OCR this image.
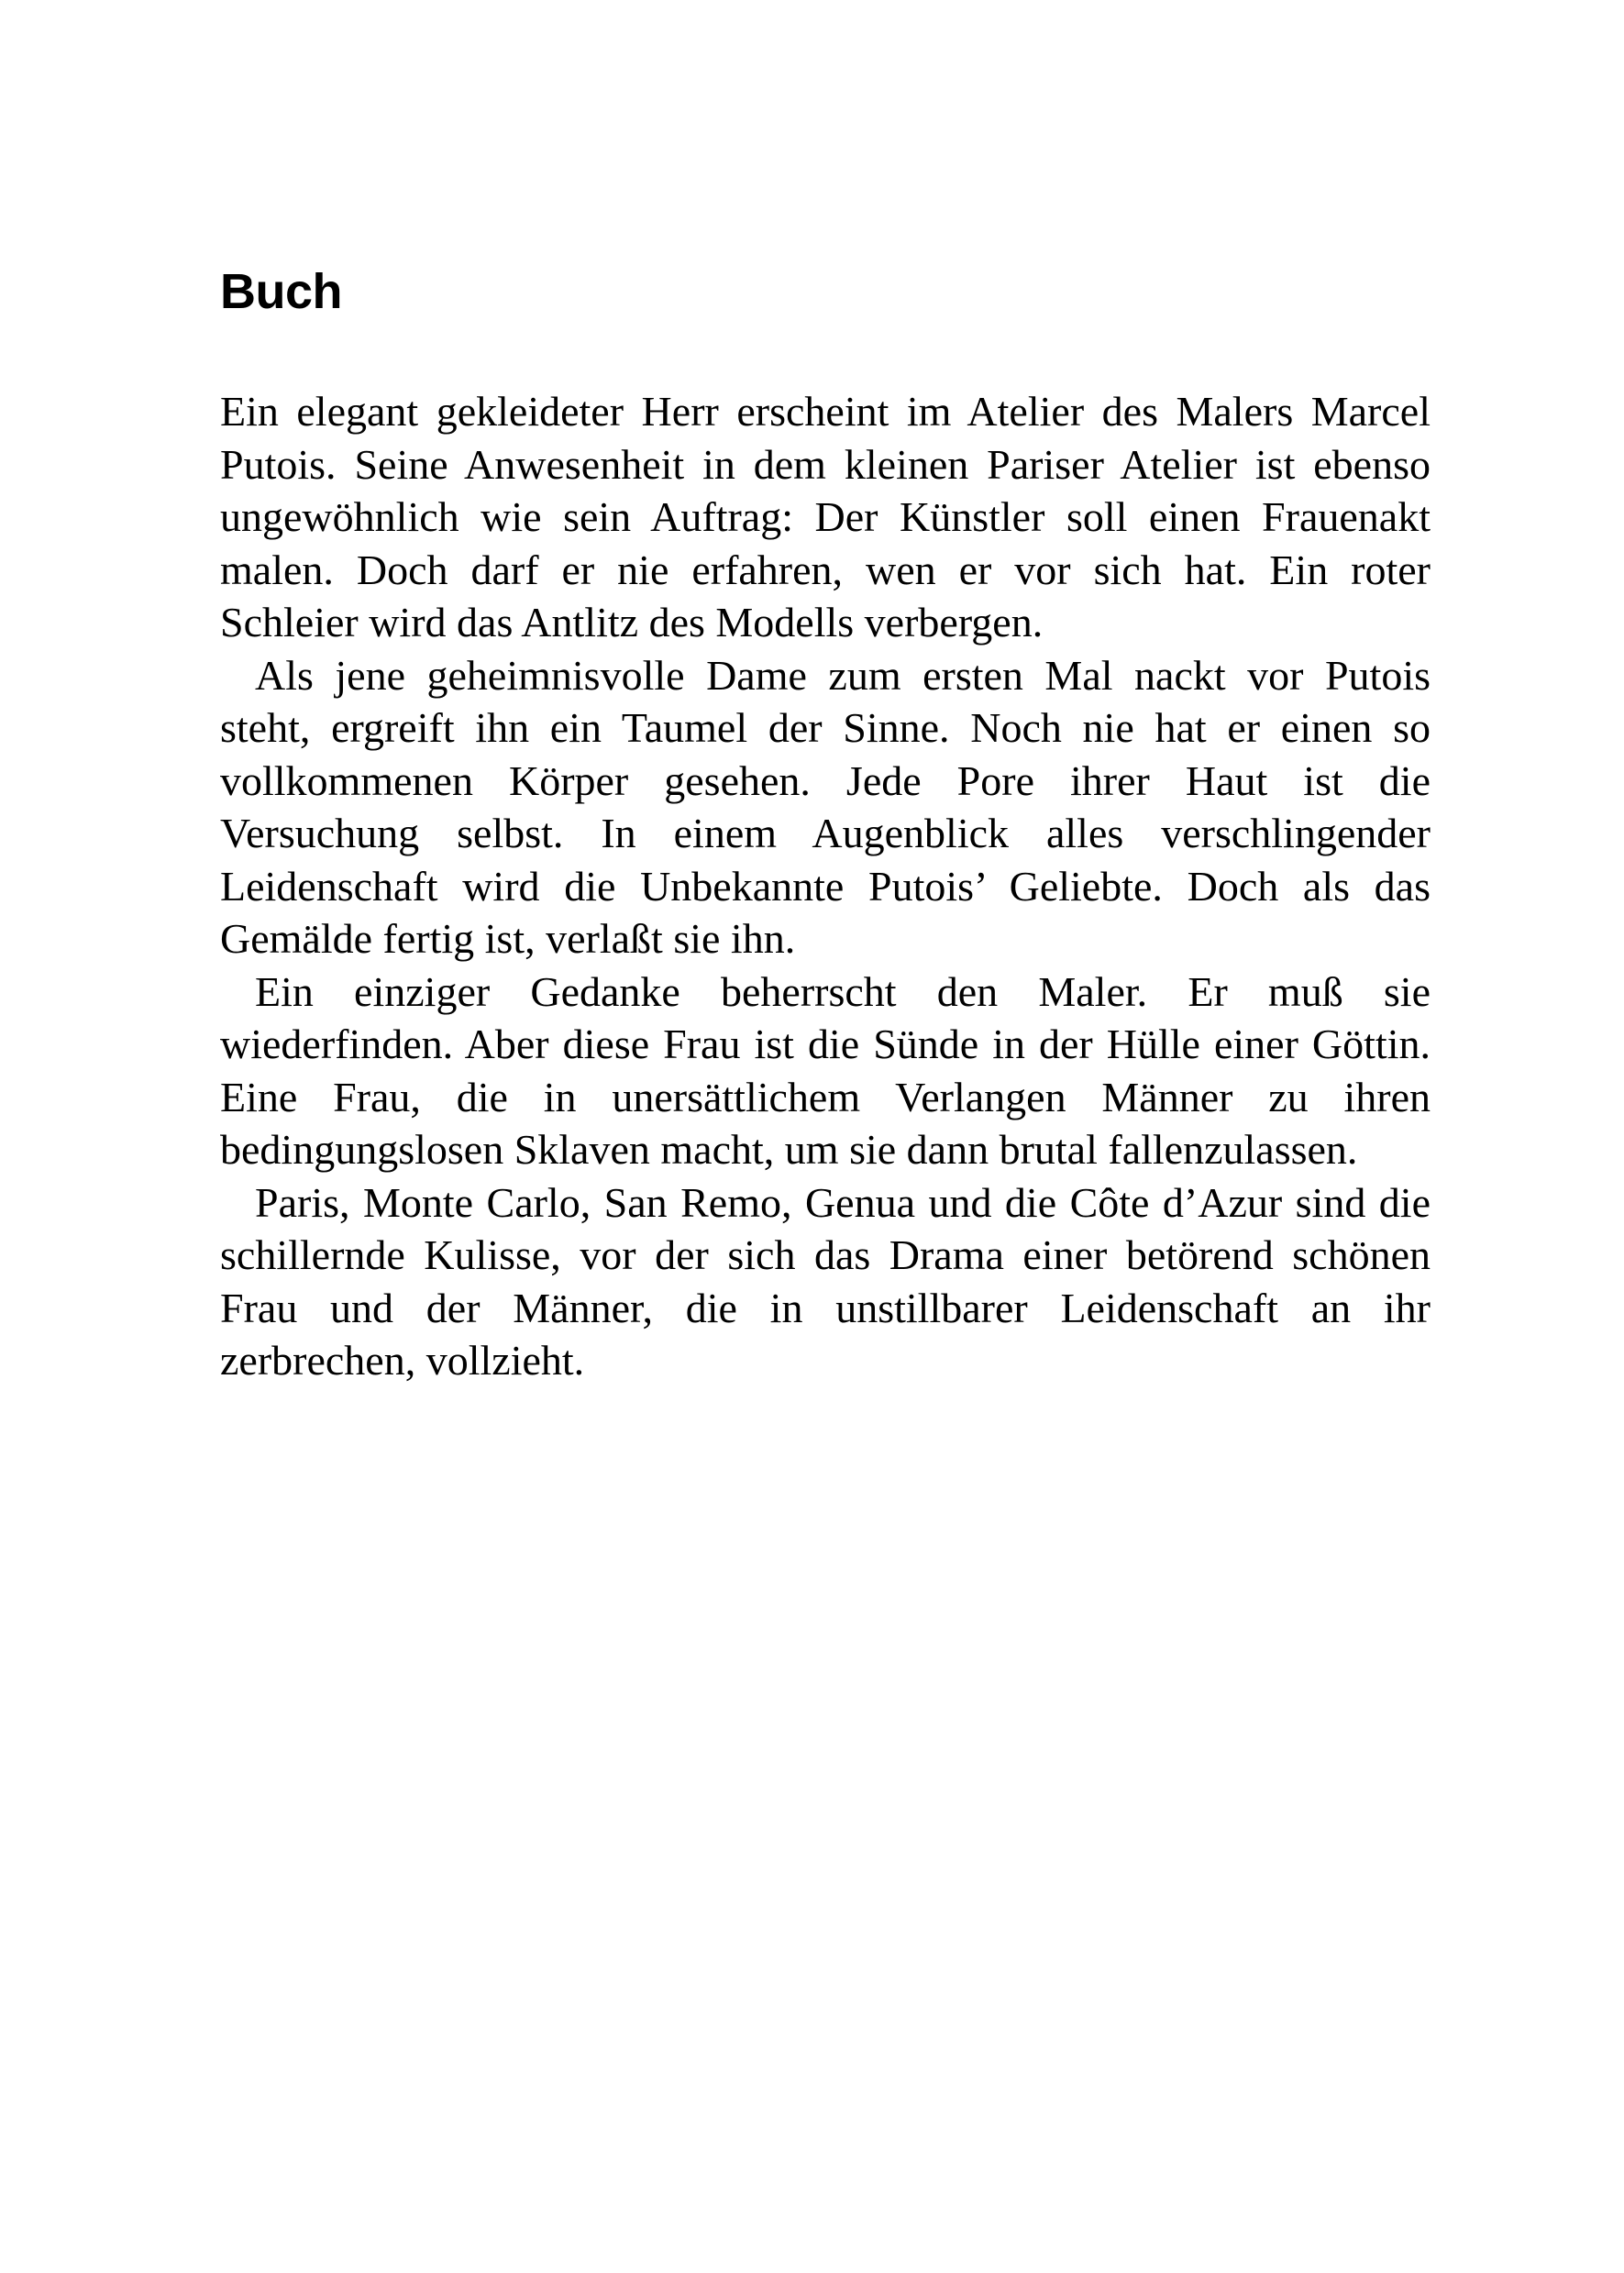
Buch

Ein elegant gekleideter Herr erscheint im Atelier des Malers Marcel Putois. Seine Anwesenheit in dem kleinen Pariser Atelier ist ebenso ungewöhnlich wie sein Auftrag: Der Künstler soll einen Frauenakt malen. Doch darf er nie erfahren, wen er vor sich hat. Ein roter Schleier wird das Antlitz des Modells verbergen.

Als jene geheimnisvolle Dame zum ersten Mal nackt vor Putois steht, ergreift ihn ein Taumel der Sinne. Noch nie hat er einen so vollkommenen Körper gesehen. Jede Pore ihrer Haut ist die Versuchung selbst. In einem Augenblick alles verschlingender Leidenschaft wird die Unbekannte Putois’ Geliebte. Doch als das Gemälde fertig ist, verlaßt sie ihn.

Ein einziger Gedanke beherrscht den Maler. Er muß sie wiederfinden. Aber diese Frau ist die Sünde in der Hülle einer Göttin. Eine Frau, die in unersättlichem Verlangen Männer zu ihren bedingungslosen Sklaven macht, um sie dann brutal fallenzulassen.

Paris, Monte Carlo, San Remo, Genua und die Côte d’Azur sind die schillernde Kulisse, vor der sich das Drama einer betörend schönen Frau und der Männer, die in unstillbarer Leidenschaft an ihr zerbrechen, vollzieht.
